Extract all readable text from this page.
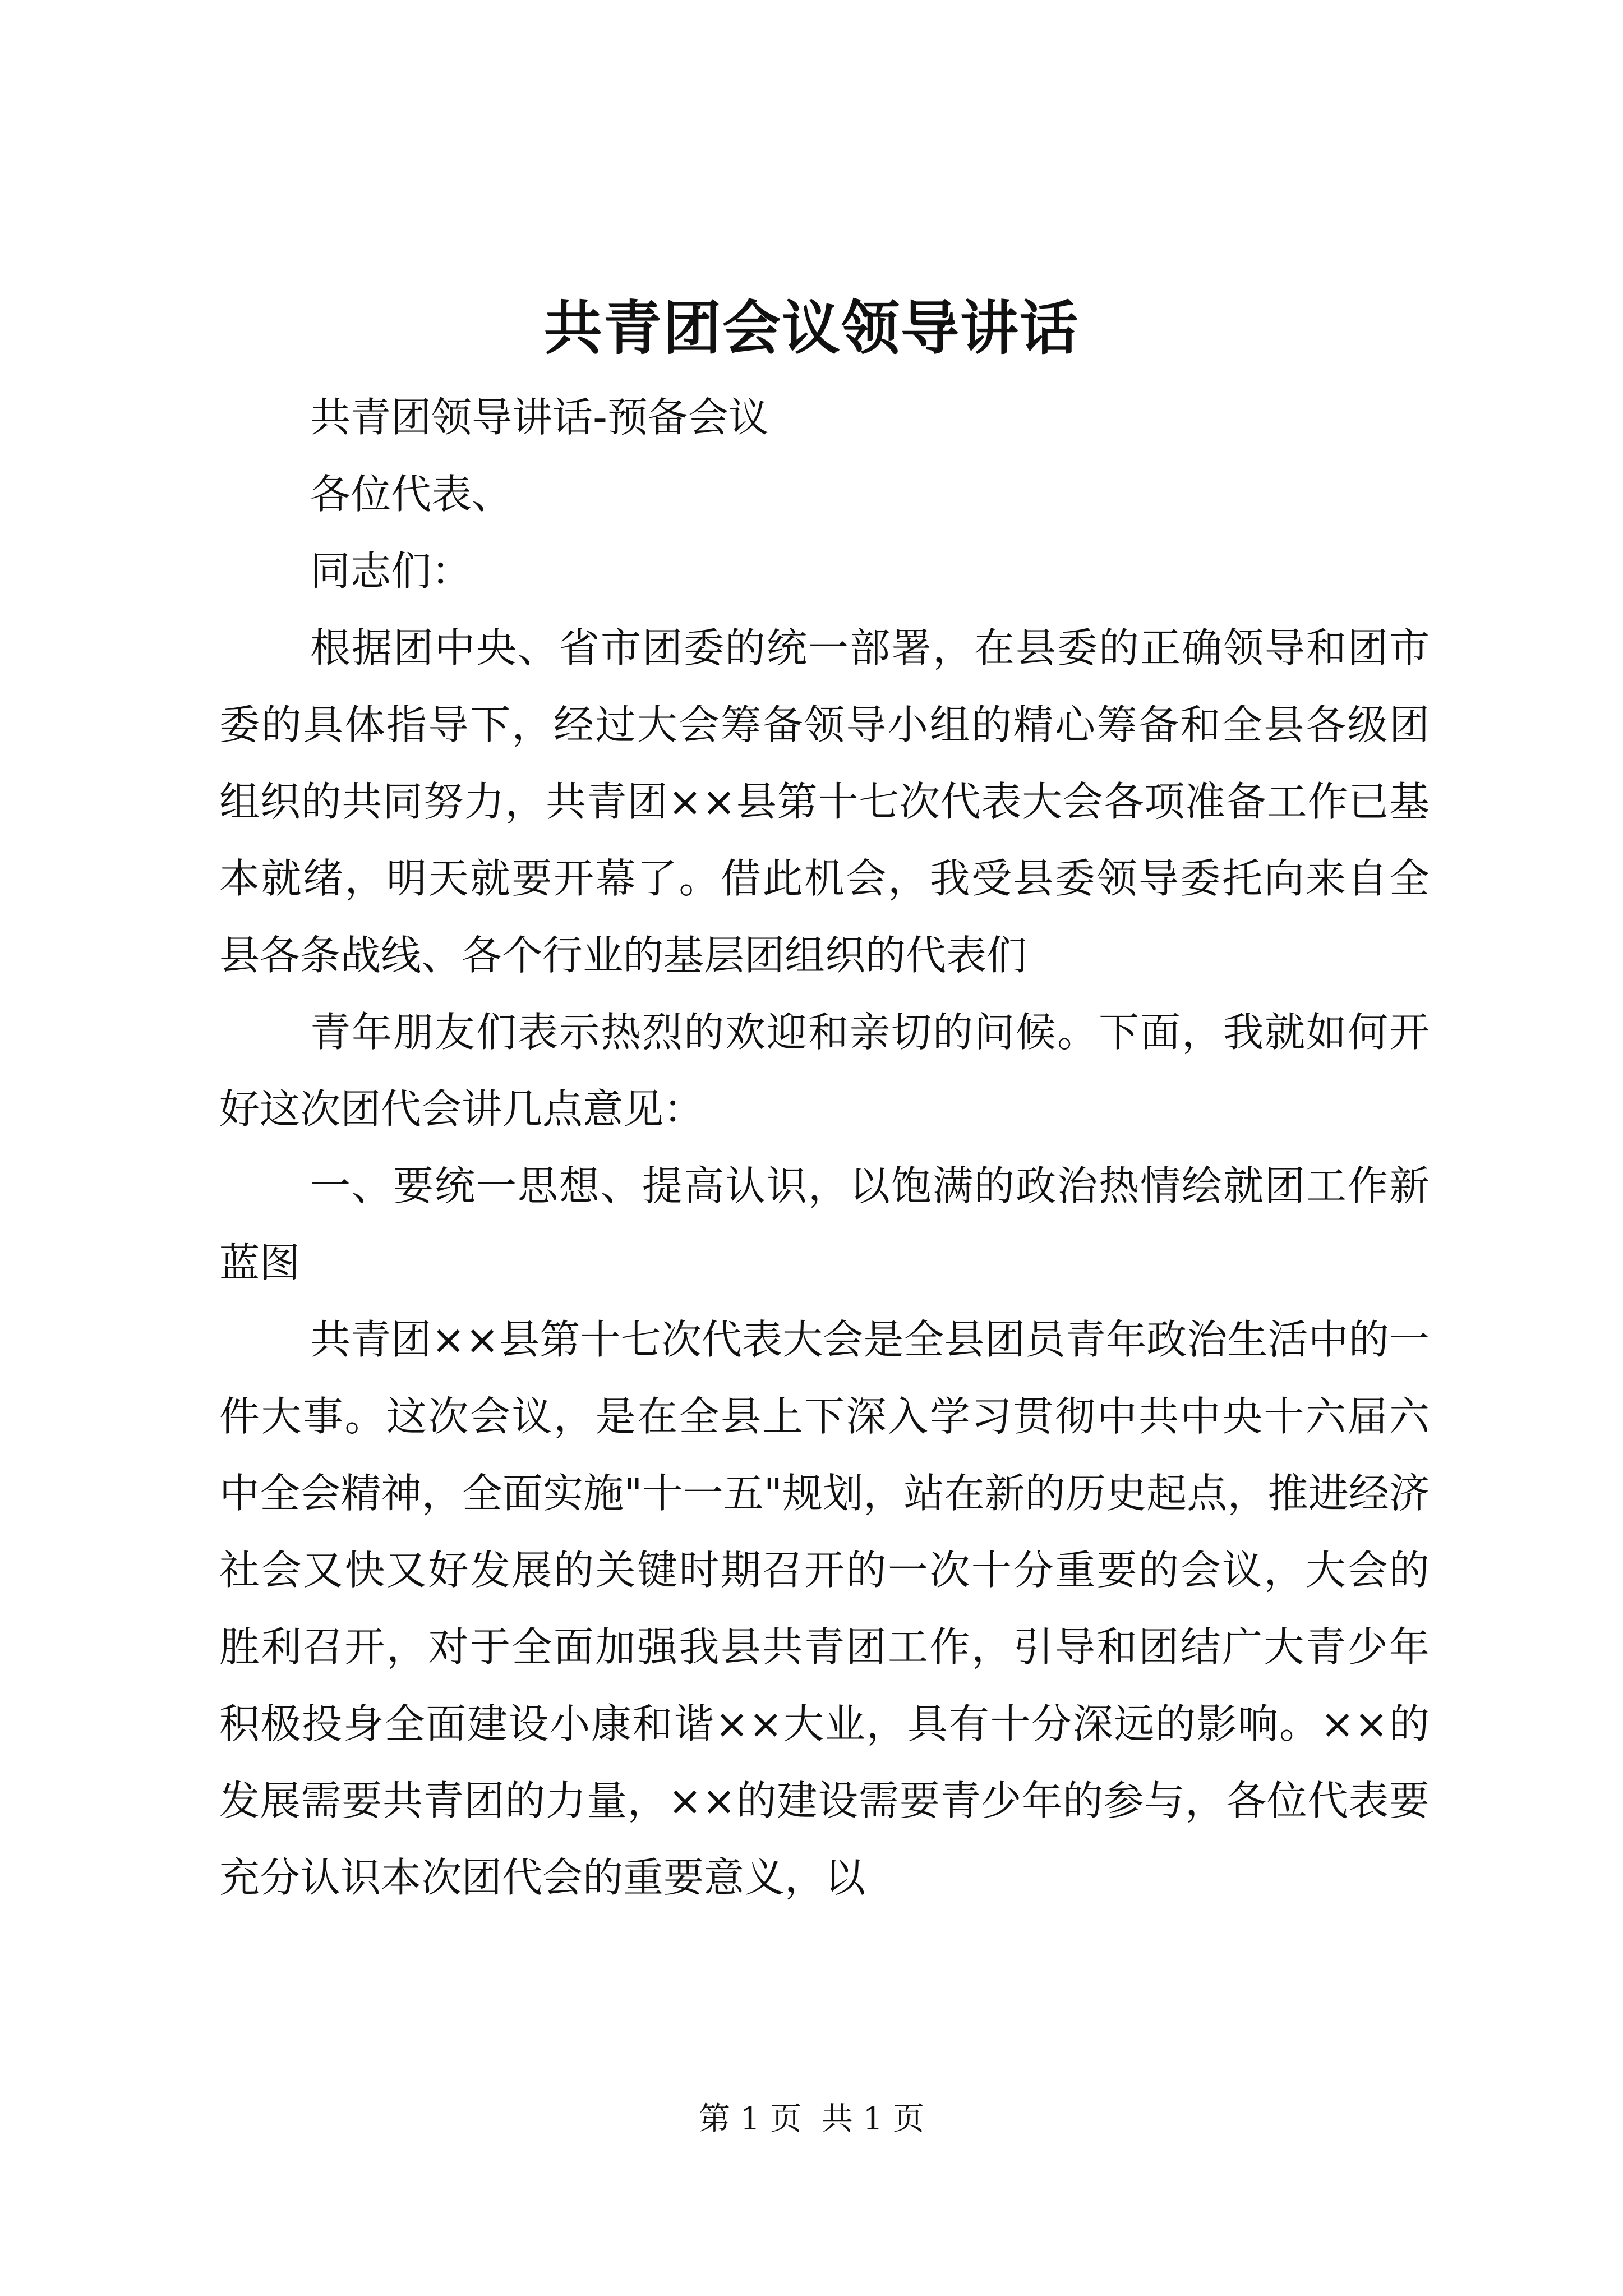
共青团会议领导讲话

共青团领导讲话-预备会议

各位代表、

同志们：

根据团中央、省市团委的统一部署，在县委的正确领导和团市委的具体指导下，经过大会筹备领导小组的精心筹备和全县各级团组织的共同努力，共青团××县第十七次代表大会各项准备工作已基本就绪，明天就要开幕了。借此机会，我受县委领导委托向来自全县各条战线、各个行业的基层团组织的代表们

青年朋友们表示热烈的欢迎和亲切的问候。下面，我就如何开好这次团代会讲几点意见：

一、要统一思想、提高认识，以饱满的政治热情绘就团工作新蓝图

共青团××县第十七次代表大会是全县团员青年政治生活中的一件大事。这次会议，是在全县上下深入学习贯彻中共中央十六届六中全会精神，全面实施"十一五"规划，站在新的历史起点，推进经济社会又快又好发展的关键时期召开的一次十分重要的会议，大会的胜利召开，对于全面加强我县共青团工作，引导和团结广大青少年积极投身全面建设小康和谐××大业，具有十分深远的影响。××的发展需要共青团的力量，××的建设需要青少年的参与，各位代表要充分认识本次团代会的重要意义，以

第 1 页  共 1 页
